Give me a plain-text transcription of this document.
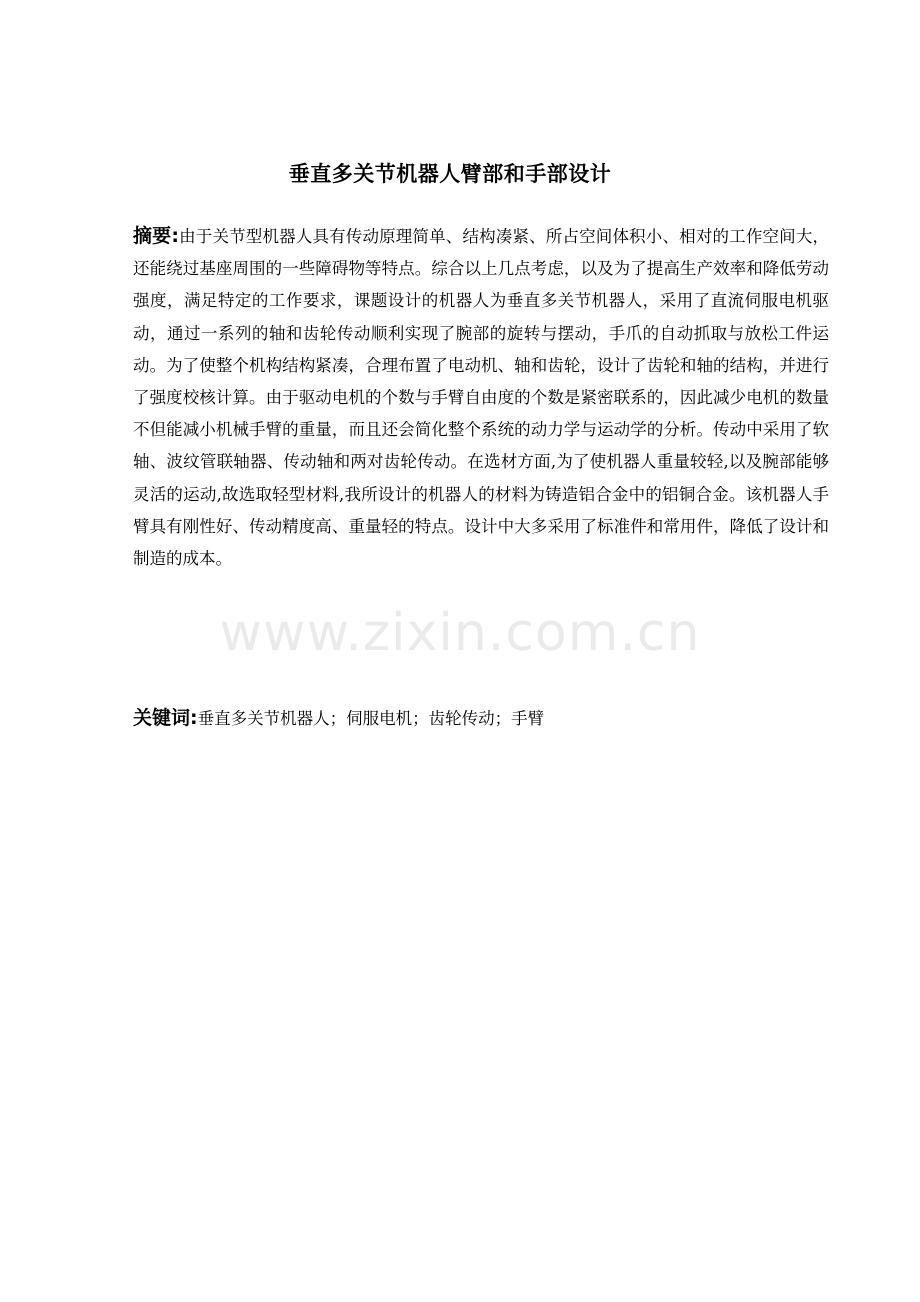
垂直多关节机器人臂部和手部设计

摘要:由于关节型机器人具有传动原理简单、结构凑紧、所占空间体积小、相对的工作空间大，还能绕过基座周围的一些障碍物等特点。综合以上几点考虑，以及为了提高生产效率和降低劳动强度，满足特定的工作要求，课题设计的机器人为垂直多关节机器人，采用了直流伺服电机驱动，通过一系列的轴和齿轮传动顺利实现了腕部的旋转与摆动，手爪的自动抓取与放松工件运动。为了使整个机构结构紧凑，合理布置了电动机、轴和齿轮，设计了齿轮和轴的结构，并进行了强度校核计算。由于驱动电机的个数与手臂自由度的个数是紧密联系的，因此减少电机的数量不但能减小机械手臂的重量，而且还会简化整个系统的动力学与运动学的分析。传动中采用了软轴、波纹管联轴器、传动轴和两对齿轮传动。在选材方面,为了使机器人重量较轻,以及腕部能够灵活的运动,故选取轻型材料,我所设计的机器人的材料为铸造铝合金中的铝铜合金。该机器人手臂具有刚性好、传动精度高、重量轻的特点。设计中大多采用了标准件和常用件，降低了设计和制造的成本。

www.zixin.com.cn

关键词:垂直多关节机器人；伺服电机；齿轮传动；手臂
